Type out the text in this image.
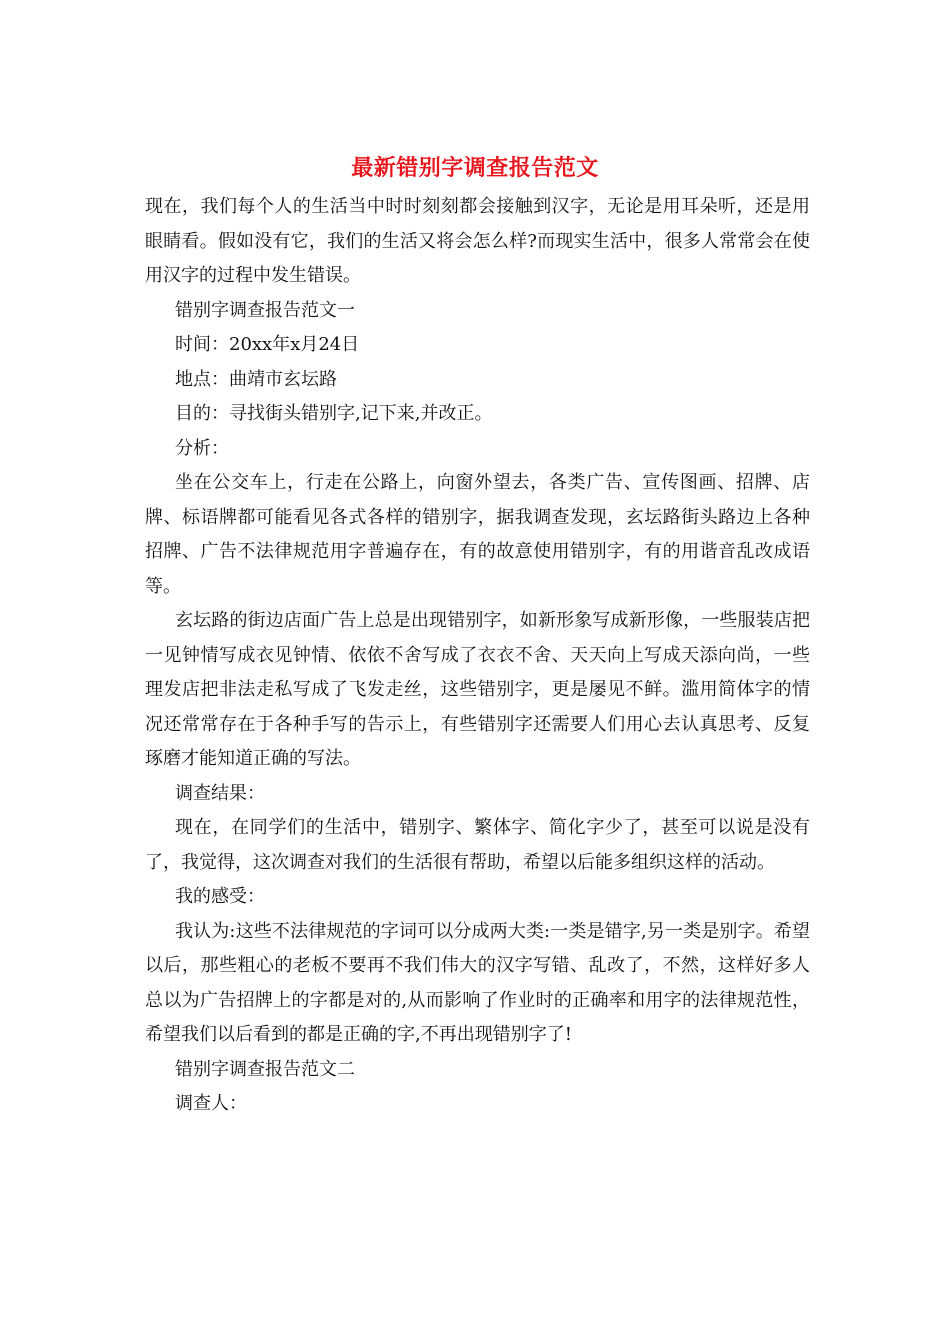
最新错别字调查报告范文

现在，我们每个人的生活当中时时刻刻都会接触到汉字，无论是用耳朵听，还是用眼睛看。假如没有它，我们的生活又将会怎么样?而现实生活中，很多人常常会在使用汉字的过程中发生错误。

错别字调查报告范文一

时间：20xx年x月24日

地点：曲靖市玄坛路

目的：寻找街头错别字,记下来,并改正。

分析：

坐在公交车上，行走在公路上，向窗外望去，各类广告、宣传图画、招牌、店牌、标语牌都可能看见各式各样的错别字，据我调查发现，玄坛路街头路边上各种招牌、广告不法律规范用字普遍存在，有的故意使用错别字，有的用谐音乱改成语等。

玄坛路的街边店面广告上总是出现错别字，如新形象写成新形像，一些服装店把一见钟情写成衣见钟情、依依不舍写成了衣衣不舍、天天向上写成天添向尚，一些理发店把非法走私写成了飞发走丝，这些错别字，更是屡见不鲜。滥用简体字的情况还常常存在于各种手写的告示上，有些错别字还需要人们用心去认真思考、反复琢磨才能知道正确的写法。

调查结果：

现在，在同学们的生活中，错别字、繁体字、简化字少了，甚至可以说是没有了，我觉得，这次调查对我们的生活很有帮助，希望以后能多组织这样的活动。

我的感受：

我认为:这些不法律规范的字词可以分成两大类:一类是错字,另一类是别字。希望以后，那些粗心的老板不要再不我们伟大的汉字写错、乱改了，不然，这样好多人总以为广告招牌上的字都是对的,从而影响了作业时的正确率和用字的法律规范性，希望我们以后看到的都是正确的字,不再出现错别字了!

错别字调查报告范文二

调查人：
